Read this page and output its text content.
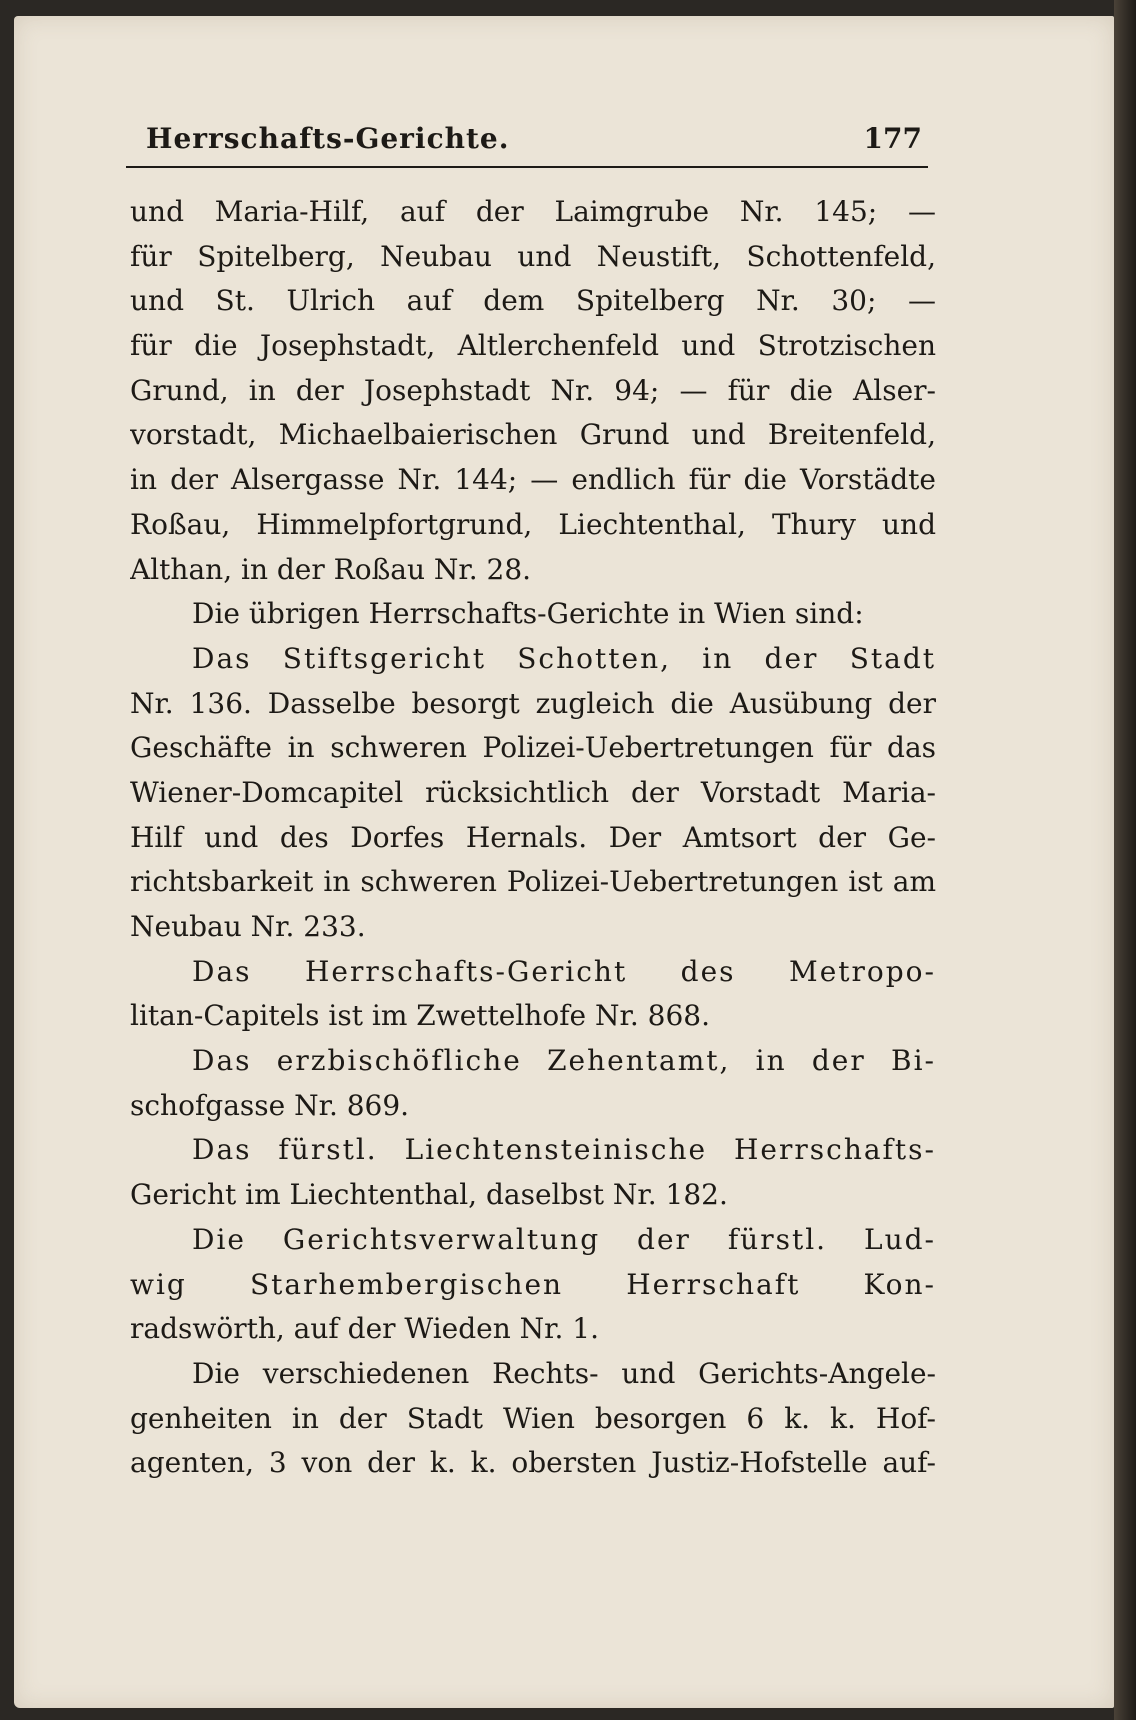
Herrschafts-Gerichte.	177
und Maria-Hilf, auf der Laimgrube Nr. 145; —
für Spitelberg, Neubau und Neustift, Schottenfeld,
und St. Ulrich auf dem Spitelberg Nr. 30; —
für die Josephstadt, Altlerchenfeld und Strotzischen
Grund, in der Josephstadt Nr. 94; — für die Alser-
vorstadt, Michaelbaierischen Grund und Breitenfeld,
in der Alsergasse Nr. 144; — endlich für die Vorstädte
Roßau, Himmelpfortgrund, Liechtenthal, Thury und
Althan, in der Roßau Nr. 28.
Die übrigen Herrschafts-Gerichte in Wien sind:
Das Stiftsgericht Schotten, in der Stadt
Nr. 136. Dasselbe besorgt zugleich die Ausübung der
Geschäfte in schweren Polizei-Uebertretungen für das
Wiener-Domcapitel rücksichtlich der Vorstadt Maria-
Hilf und des Dorfes Hernals. Der Amtsort der Ge-
richtsbarkeit in schweren Polizei-Uebertretungen ist am
Neubau Nr. 233.
Das Herrschafts-Gericht des Metropo-
litan-Capitels ist im Zwettelhofe Nr. 868.
Das erzbischöfliche Zehentamt, in der Bi-
schofgasse Nr. 869.
Das fürstl. Liechtensteinische Herrschafts-
Gericht im Liechtenthal, daselbst Nr. 182.
Die Gerichtsverwaltung der fürstl. Lud-
wig Starhembergischen Herrschaft Kon-
radswörth, auf der Wieden Nr. 1.
Die verschiedenen Rechts- und Gerichts-Angele-
genheiten in der Stadt Wien besorgen 6 k. k. Hof-
agenten, 3 von der k. k. obersten Justiz-Hofstelle auf-
